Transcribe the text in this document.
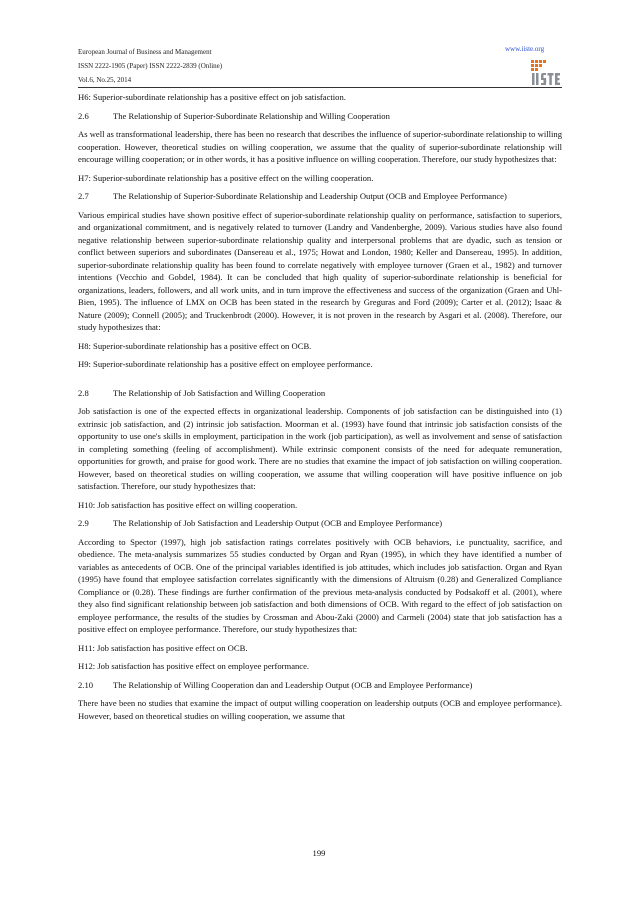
European Journal of Business and Management
ISSN 2222-1905 (Paper) ISSN 2222-2839 (Online)
Vol.6, No.25, 2014
www.iiste.org

H6: Superior-subordinate relationship has a positive effect on job satisfaction.

2.6	The Relationship of Superior-Subordinate Relationship and Willing Cooperation

As well as transformational leadership, there has been no research that describes the influence of superior-subordinate relationship to willing cooperation. However, theoretical studies on willing cooperation, we assume that the quality of superior-subordinate relationship will encourage willing cooperation; or in other words, it has a positive influence on willing cooperation. Therefore, our study hypothesizes that:

H7: Superior-subordinate relationship has a positive effect on the willing cooperation.

2.7	The Relationship of Superior-Subordinate Relationship and Leadership Output (OCB and Employee Performance)

Various empirical studies have shown positive effect of superior-subordinate relationship quality on performance, satisfaction to superiors, and organizational commitment, and is negatively related to turnover (Landry and Vandenberghe, 2009). Various studies have also found negative relationship between superior-subordinate relationship quality and interpersonal problems that are dyadic, such as tension or conflict between superiors and subordinates (Dansereau et al., 1975; Howat and London, 1980; Keller and Dansereau, 1995). In addition, superior-subordinate relationship quality has been found to correlate negatively with employee turnover (Graen et al., 1982) and turnover intentions (Vecchio and Gobdel, 1984). It can be concluded that high quality of superior-subordinate relationship is beneficial for organizations, leaders, followers, and all work units, and in turn improve the effectiveness and success of the organization (Graen and Uhl-Bien, 1995). The influence of LMX on OCB has been stated in the research by Greguras and Ford (2009); Carter et al. (2012); Isaac & Nature (2009); Connell (2005); and Truckenbrodt (2000). However, it is not proven in the research by Asgari et al. (2008). Therefore, our study hypothesizes that:

H8: Superior-subordinate relationship has a positive effect on OCB.

H9: Superior-subordinate relationship has a positive effect on employee performance.

2.8	The Relationship of Job Satisfaction and Willing Cooperation

Job satisfaction is one of the expected effects in organizational leadership. Components of job satisfaction can be distinguished into (1) extrinsic job satisfaction, and (2) intrinsic job satisfaction. Moorman et al. (1993) have found that intrinsic job satisfaction consists of the opportunity to use one's skills in employment, participation in the work (job participation), as well as involvement and sense of satisfaction in completing something (feeling of accomplishment). While extrinsic component consists of the need for adequate remuneration, opportunities for growth, and praise for good work. There are no studies that examine the impact of job satisfaction on willing cooperation. However, based on theoretical studies on willing cooperation, we assume that willing cooperation will have positive influence on job satisfaction. Therefore, our study hypothesizes that:

H10: Job satisfaction has positive effect on willing cooperation.

2.9	The Relationship of Job Satisfaction and Leadership Output (OCB and Employee Performance)

According to Spector (1997), high job satisfaction ratings correlates positively with OCB behaviors, i.e punctuality, sacrifice, and obedience. The meta-analysis summarizes 55 studies conducted by Organ and Ryan (1995), in which they have identified a number of variables as antecedents of OCB. One of the principal variables identified is job attitudes, which includes job satisfaction. Organ and Ryan (1995) have found that employee satisfaction correlates significantly with the dimensions of Altruism (0.28) and Generalized Compliance Compliance or (0.28). These findings are further confirmation of the previous meta-analysis conducted by Podsakoff et al. (2001), where they also find significant relationship between job satisfaction and both dimensions of OCB. With regard to the effect of job satisfaction on employee performance, the results of the studies by Crossman and Abou-Zaki (2000) and Carmeli (2004) state that job satisfaction has a positive effect on employee performance. Therefore, our study hypothesizes that:

H11: Job satisfaction has positive effect on OCB.

H12: Job satisfaction has positive effect on employee performance.

2.10	The Relationship of Willing Cooperation dan and Leadership Output (OCB and Employee Performance)

There have been no studies that examine the impact of output willing cooperation on leadership outputs (OCB and employee performance). However, based on theoretical studies on willing cooperation, we assume that

199
